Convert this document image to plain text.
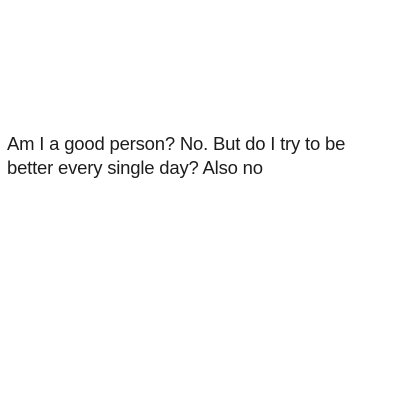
Am I a good person? No. But do I try to be
better every single day? Also no
